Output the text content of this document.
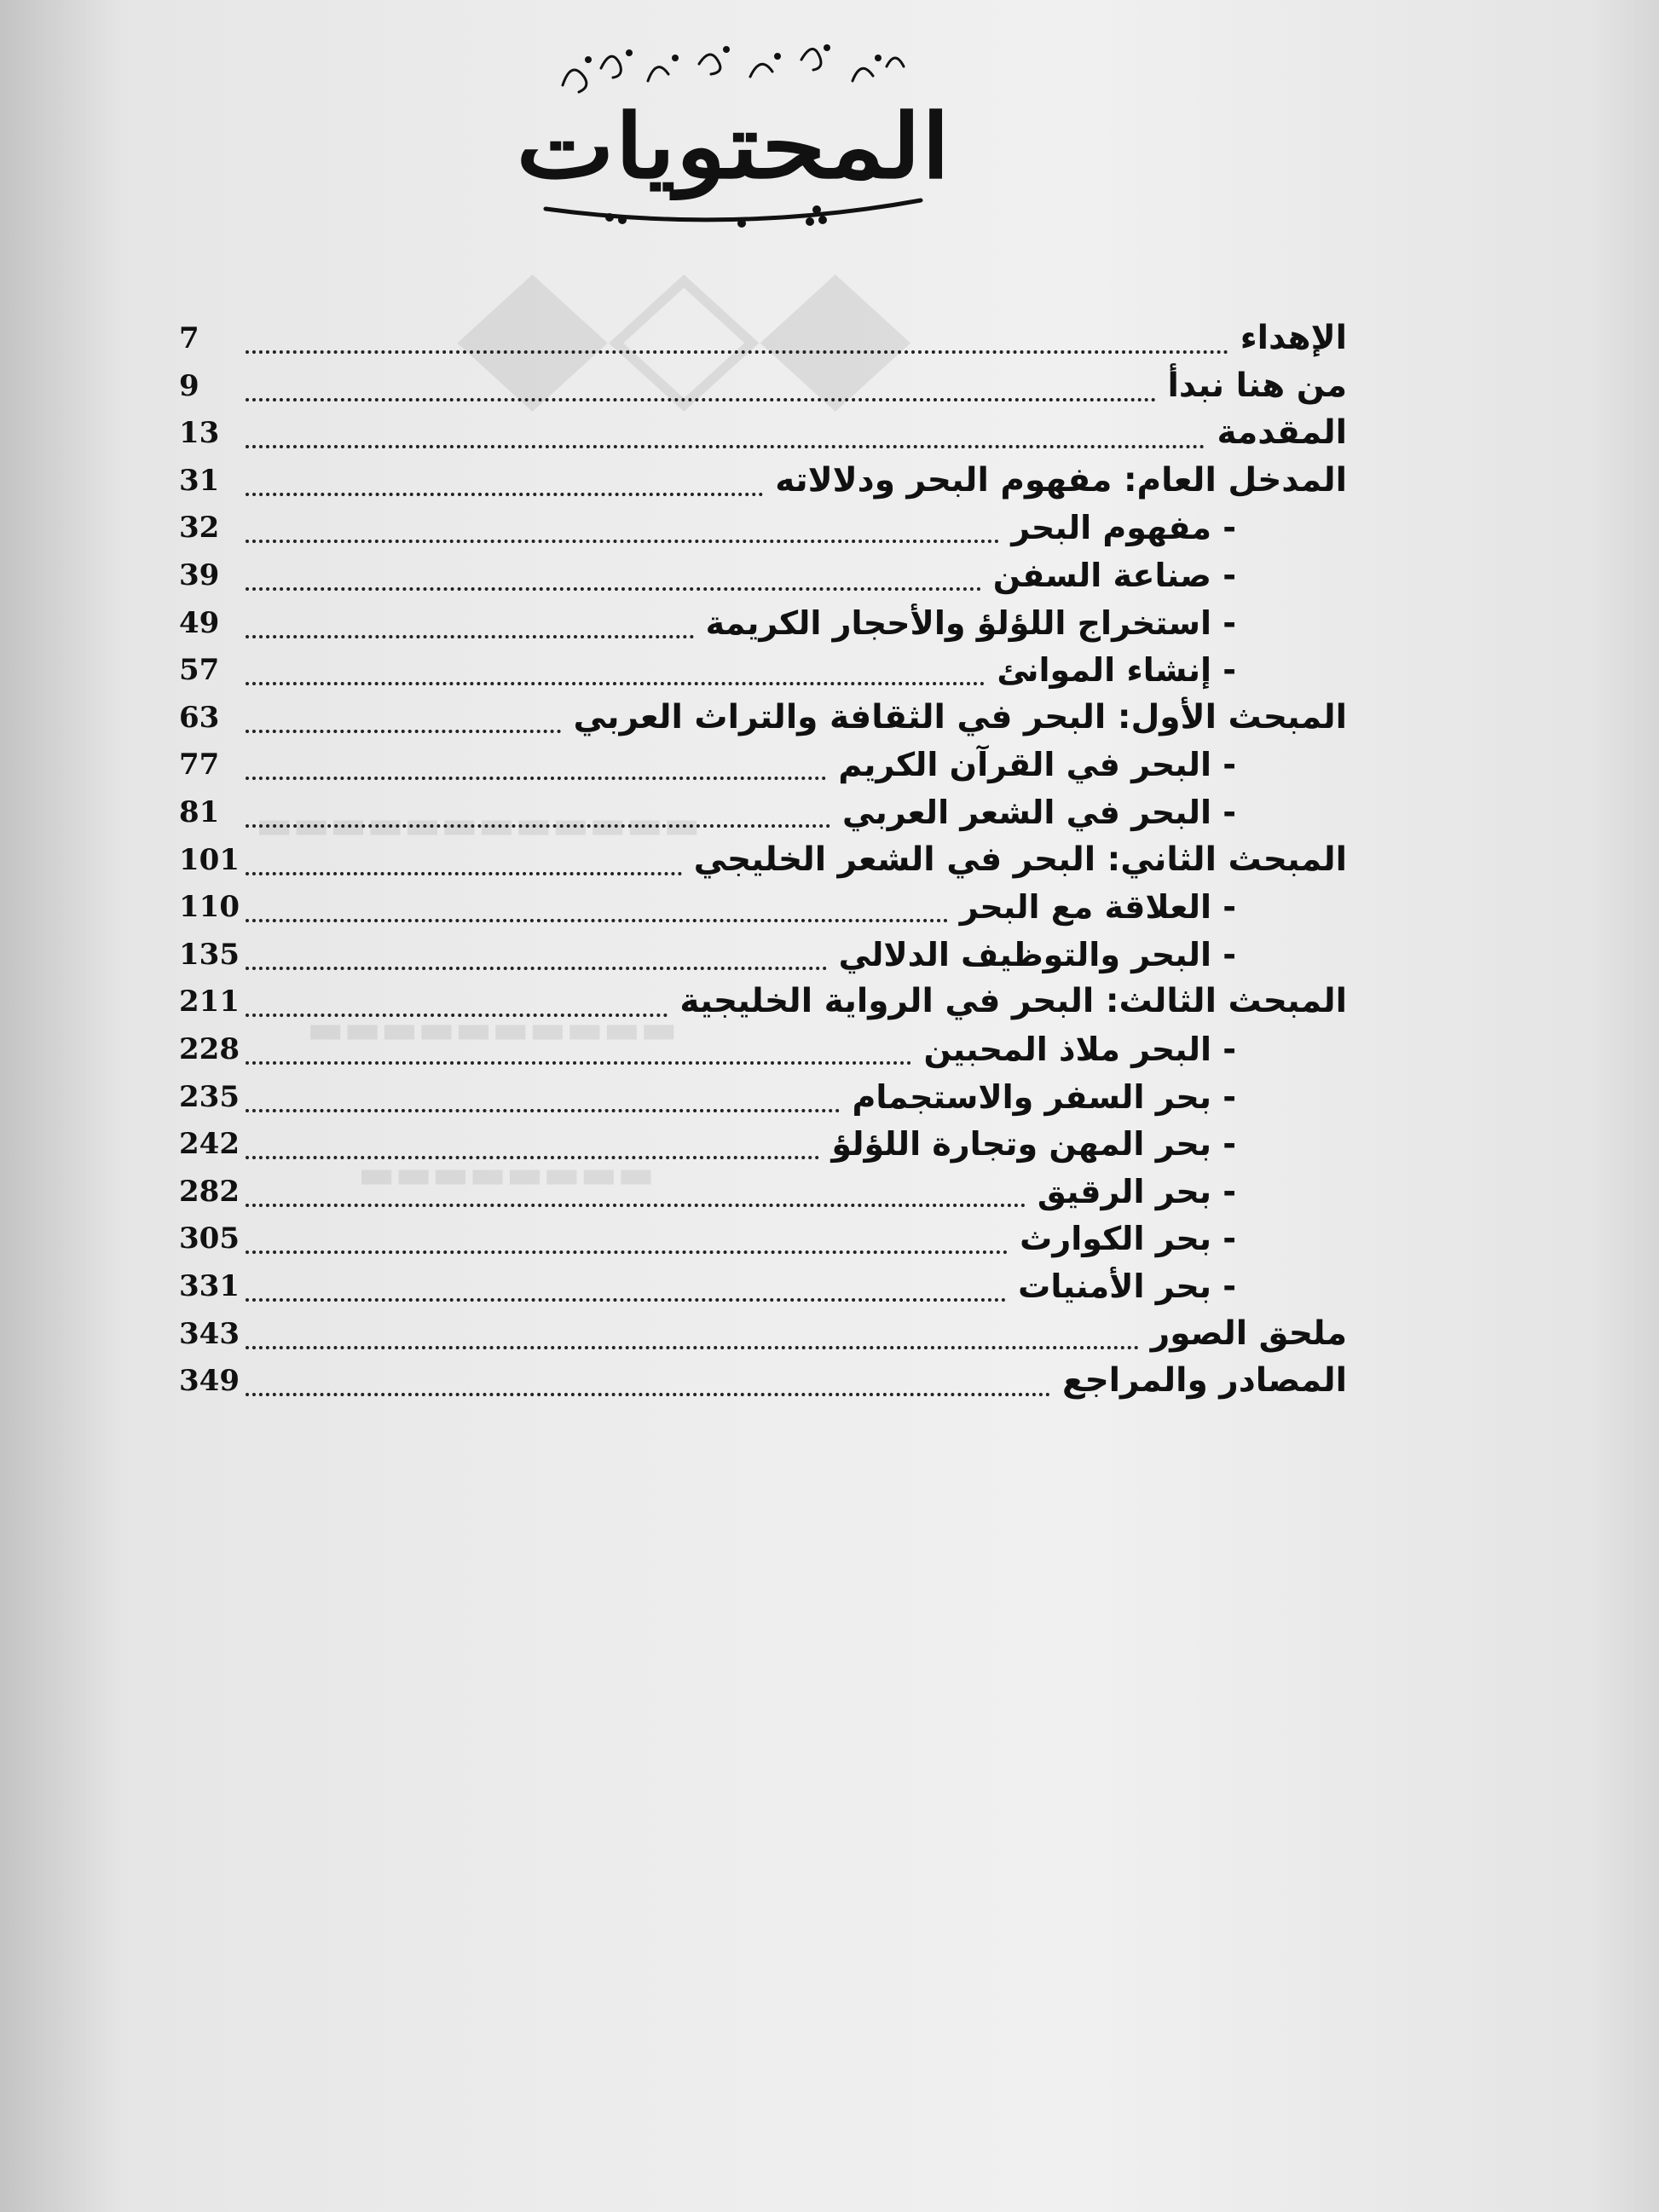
◆◇◆
▬▬▬▬▬▬▬▬▬▬▬▬
▬▬▬▬▬▬▬▬▬▬
▬▬▬▬▬▬▬▬
المحتويات
7	الإهداء
9	من هنا نبدأ
13	المقدمة
31	المدخل العام: مفهوم البحر ودلالاته
32	- مفهوم البحر
39	- صناعة السفن
49	- استخراج اللؤلؤ والأحجار الكريمة
57	- إنشاء الموانئ
63	المبحث الأول: البحر في الثقافة والتراث العربي
77	- البحر في القرآن الكريم
81	- البحر في الشعر العربي
101	المبحث الثاني: البحر في الشعر الخليجي
110	- العلاقة مع البحر
135	- البحر والتوظيف الدلالي
211	المبحث الثالث: البحر في الرواية الخليجية
228	- البحر ملاذ المحبين
235	- بحر السفر والاستجمام
242	- بحر المهن وتجارة اللؤلؤ
282	- بحر الرقيق
305	- بحر الكوارث
331	- بحر الأمنيات
343	ملحق الصور
349	المصادر والمراجع
